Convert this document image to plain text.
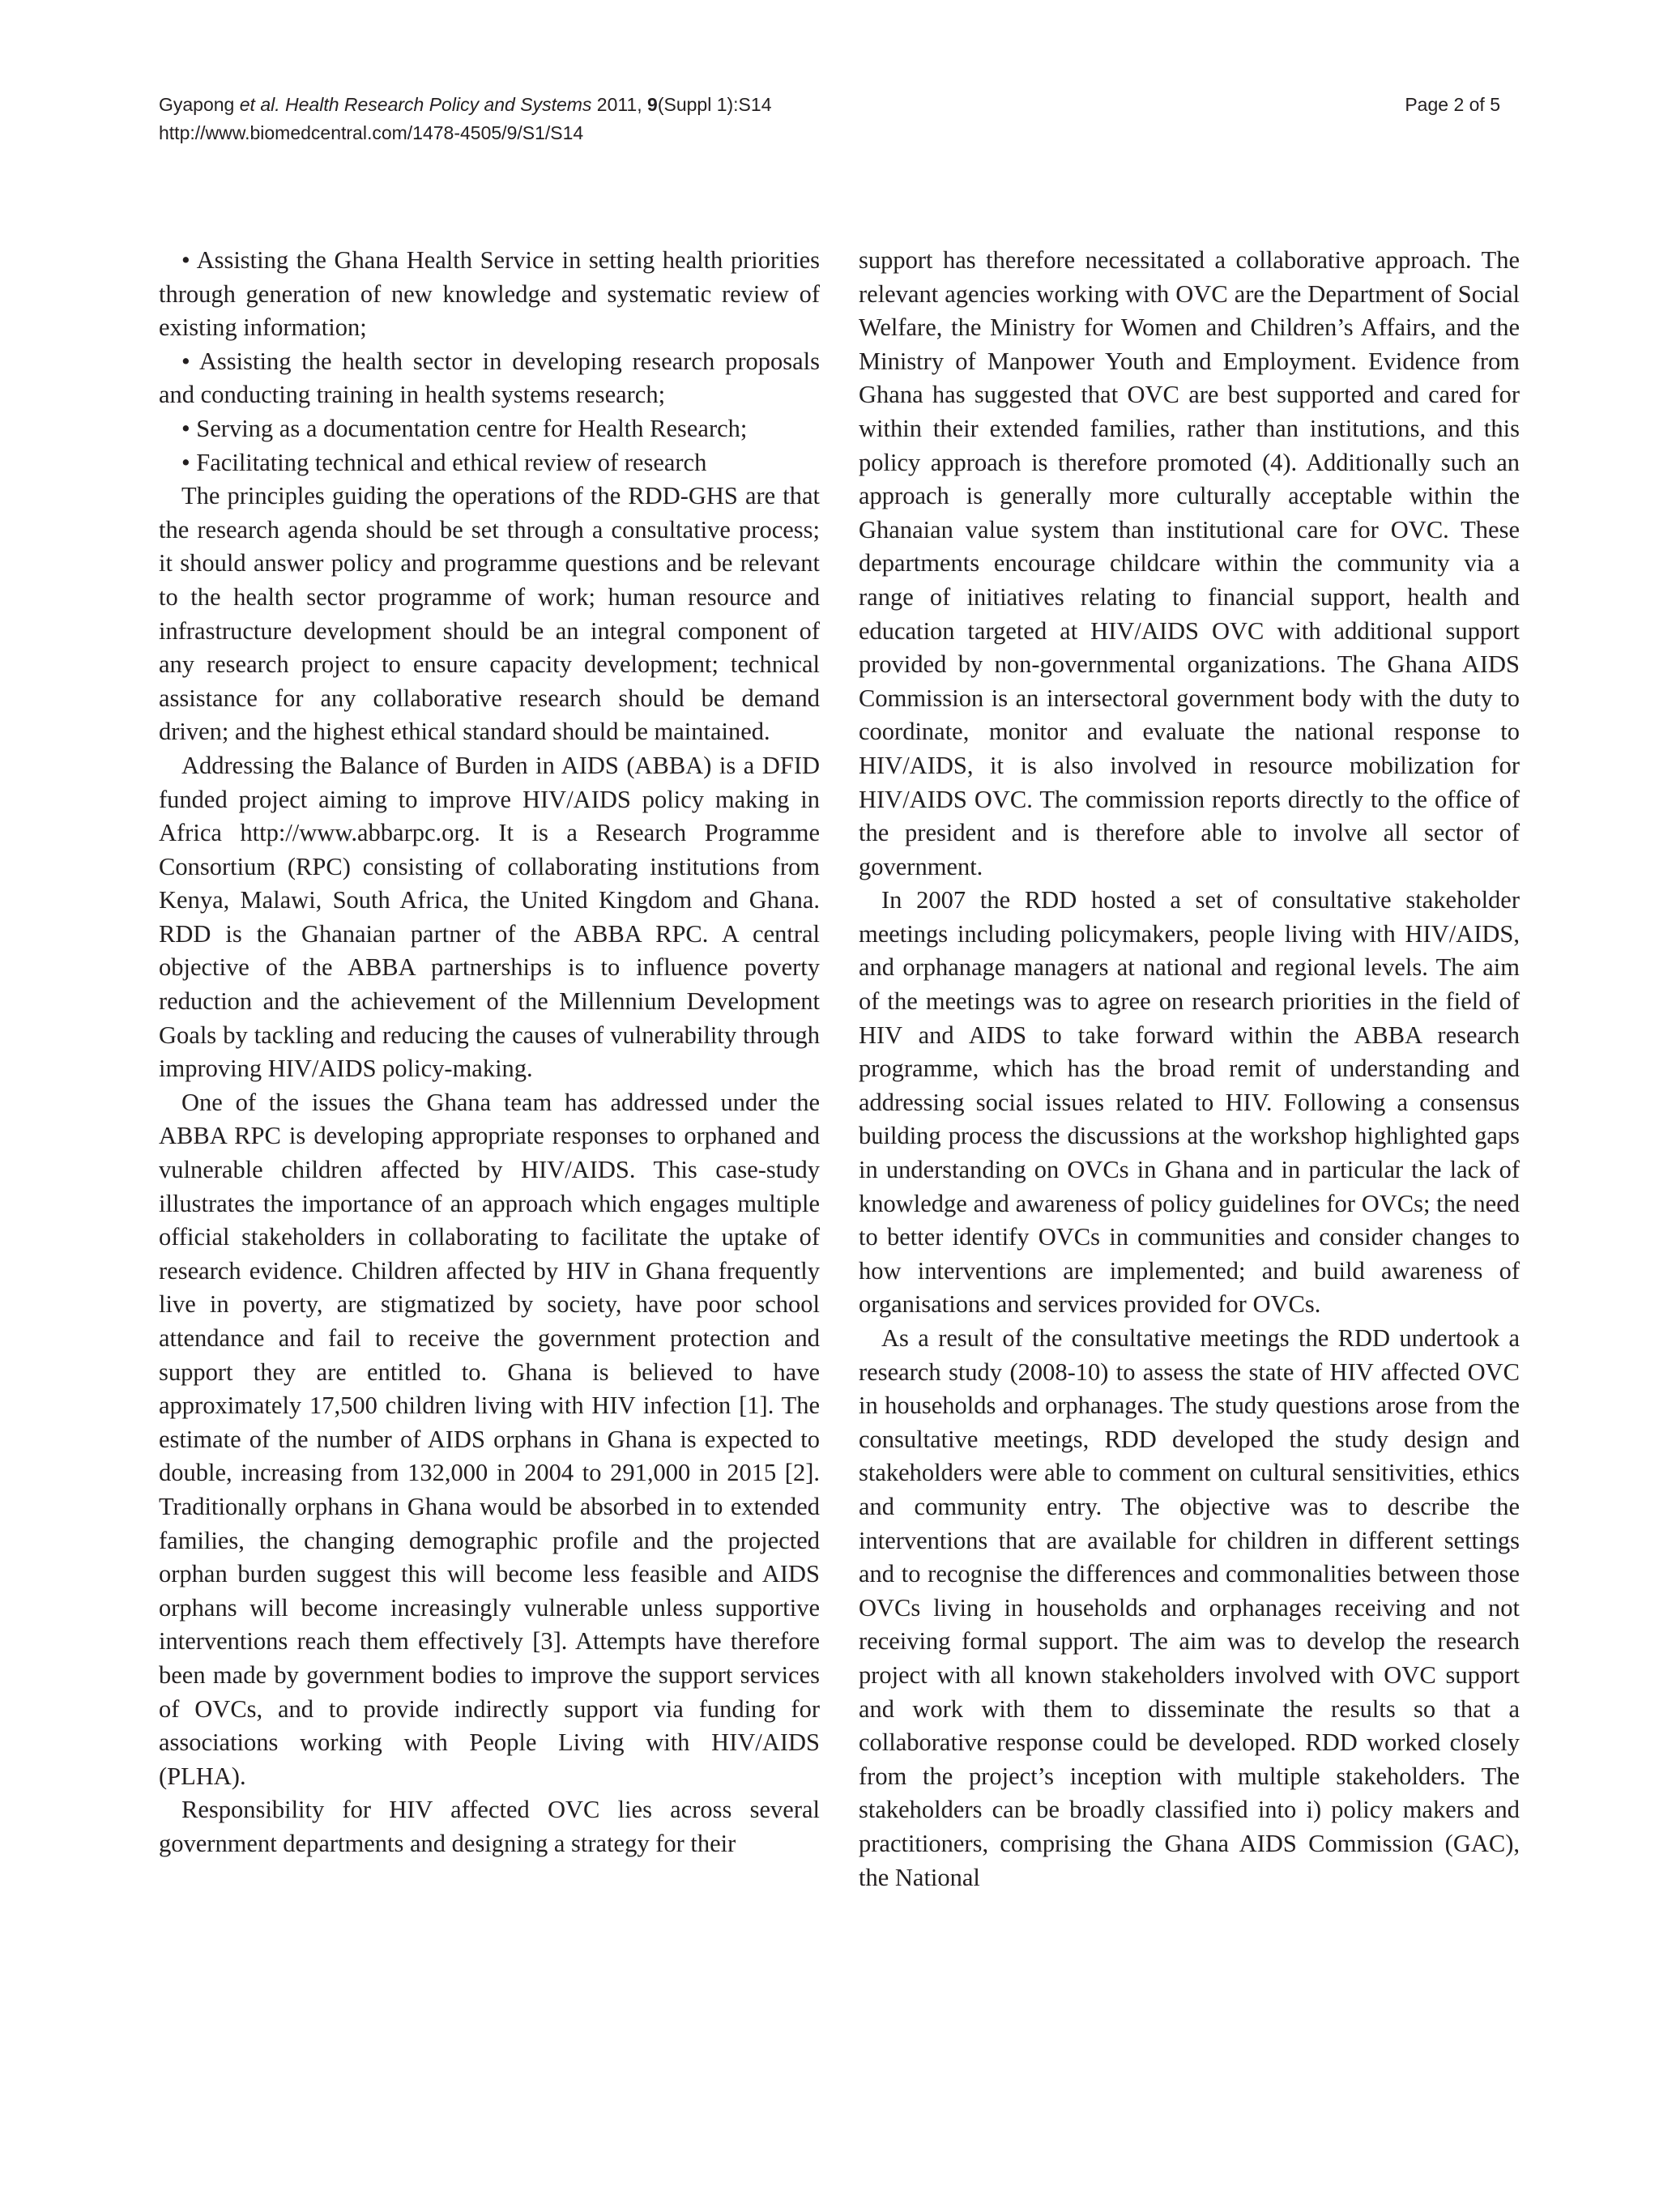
Gyapong et al. Health Research Policy and Systems 2011, 9(Suppl 1):S14
http://www.biomedcentral.com/1478-4505/9/S1/S14
Page 2 of 5

• Assisting the Ghana Health Service in setting health priorities through generation of new knowledge and systematic review of existing information;

• Assisting the health sector in developing research proposals and conducting training in health systems research;

• Serving as a documentation centre for Health Research;

• Facilitating technical and ethical review of research

The principles guiding the operations of the RDD-GHS are that the research agenda should be set through a consultative process; it should answer policy and programme questions and be relevant to the health sector programme of work; human resource and infrastructure development should be an integral component of any research project to ensure capacity development; technical assistance for any collaborative research should be demand driven; and the highest ethical standard should be maintained.

Addressing the Balance of Burden in AIDS (ABBA) is a DFID funded project aiming to improve HIV/AIDS policy making in Africa http://www.abbarpc.org. It is a Research Programme Consortium (RPC) consisting of collaborating institutions from Kenya, Malawi, South Africa, the United Kingdom and Ghana. RDD is the Ghanaian partner of the ABBA RPC. A central objective of the ABBA partnerships is to influence poverty reduction and the achievement of the Millennium Development Goals by tackling and reducing the causes of vulnerability through improving HIV/AIDS policy-making.

One of the issues the Ghana team has addressed under the ABBA RPC is developing appropriate responses to orphaned and vulnerable children affected by HIV/AIDS. This case-study illustrates the importance of an approach which engages multiple official stakeholders in collaborating to facilitate the uptake of research evidence. Children affected by HIV in Ghana frequently live in poverty, are stigmatized by society, have poor school attendance and fail to receive the government protection and support they are entitled to. Ghana is believed to have approximately 17,500 children living with HIV infection [1]. The estimate of the number of AIDS orphans in Ghana is expected to double, increasing from 132,000 in 2004 to 291,000 in 2015 [2]. Traditionally orphans in Ghana would be absorbed in to extended families, the changing demographic profile and the projected orphan burden suggest this will become less feasible and AIDS orphans will become increasingly vulnerable unless supportive interventions reach them effectively [3]. Attempts have therefore been made by government bodies to improve the support services of OVCs, and to provide indirectly support via funding for associations working with People Living with HIV/AIDS (PLHA).

Responsibility for HIV affected OVC lies across several government departments and designing a strategy for their

support has therefore necessitated a collaborative approach. The relevant agencies working with OVC are the Department of Social Welfare, the Ministry for Women and Children’s Affairs, and the Ministry of Manpower Youth and Employment. Evidence from Ghana has suggested that OVC are best supported and cared for within their extended families, rather than institutions, and this policy approach is therefore promoted (4). Additionally such an approach is generally more culturally acceptable within the Ghanaian value system than institutional care for OVC. These departments encourage childcare within the community via a range of initiatives relating to financial support, health and education targeted at HIV/AIDS OVC with additional support provided by non-governmental organizations. The Ghana AIDS Commission is an intersectoral government body with the duty to coordinate, monitor and evaluate the national response to HIV/AIDS, it is also involved in resource mobilization for HIV/AIDS OVC. The commission reports directly to the office of the president and is therefore able to involve all sector of government.

In 2007 the RDD hosted a set of consultative stakeholder meetings including policymakers, people living with HIV/AIDS, and orphanage managers at national and regional levels. The aim of the meetings was to agree on research priorities in the field of HIV and AIDS to take forward within the ABBA research programme, which has the broad remit of understanding and addressing social issues related to HIV. Following a consensus building process the discussions at the workshop highlighted gaps in understanding on OVCs in Ghana and in particular the lack of knowledge and awareness of policy guidelines for OVCs; the need to better identify OVCs in communities and consider changes to how interventions are implemented; and build awareness of organisations and services provided for OVCs.

As a result of the consultative meetings the RDD undertook a research study (2008-10) to assess the state of HIV affected OVC in households and orphanages. The study questions arose from the consultative meetings, RDD developed the study design and stakeholders were able to comment on cultural sensitivities, ethics and community entry. The objective was to describe the interventions that are available for children in different settings and to recognise the differences and commonalities between those OVCs living in households and orphanages receiving and not receiving formal support. The aim was to develop the research project with all known stakeholders involved with OVC support and work with them to disseminate the results so that a collaborative response could be developed. RDD worked closely from the project’s inception with multiple stakeholders. The stakeholders can be broadly classified into i) policy makers and practitioners, comprising the Ghana AIDS Commission (GAC), the National
